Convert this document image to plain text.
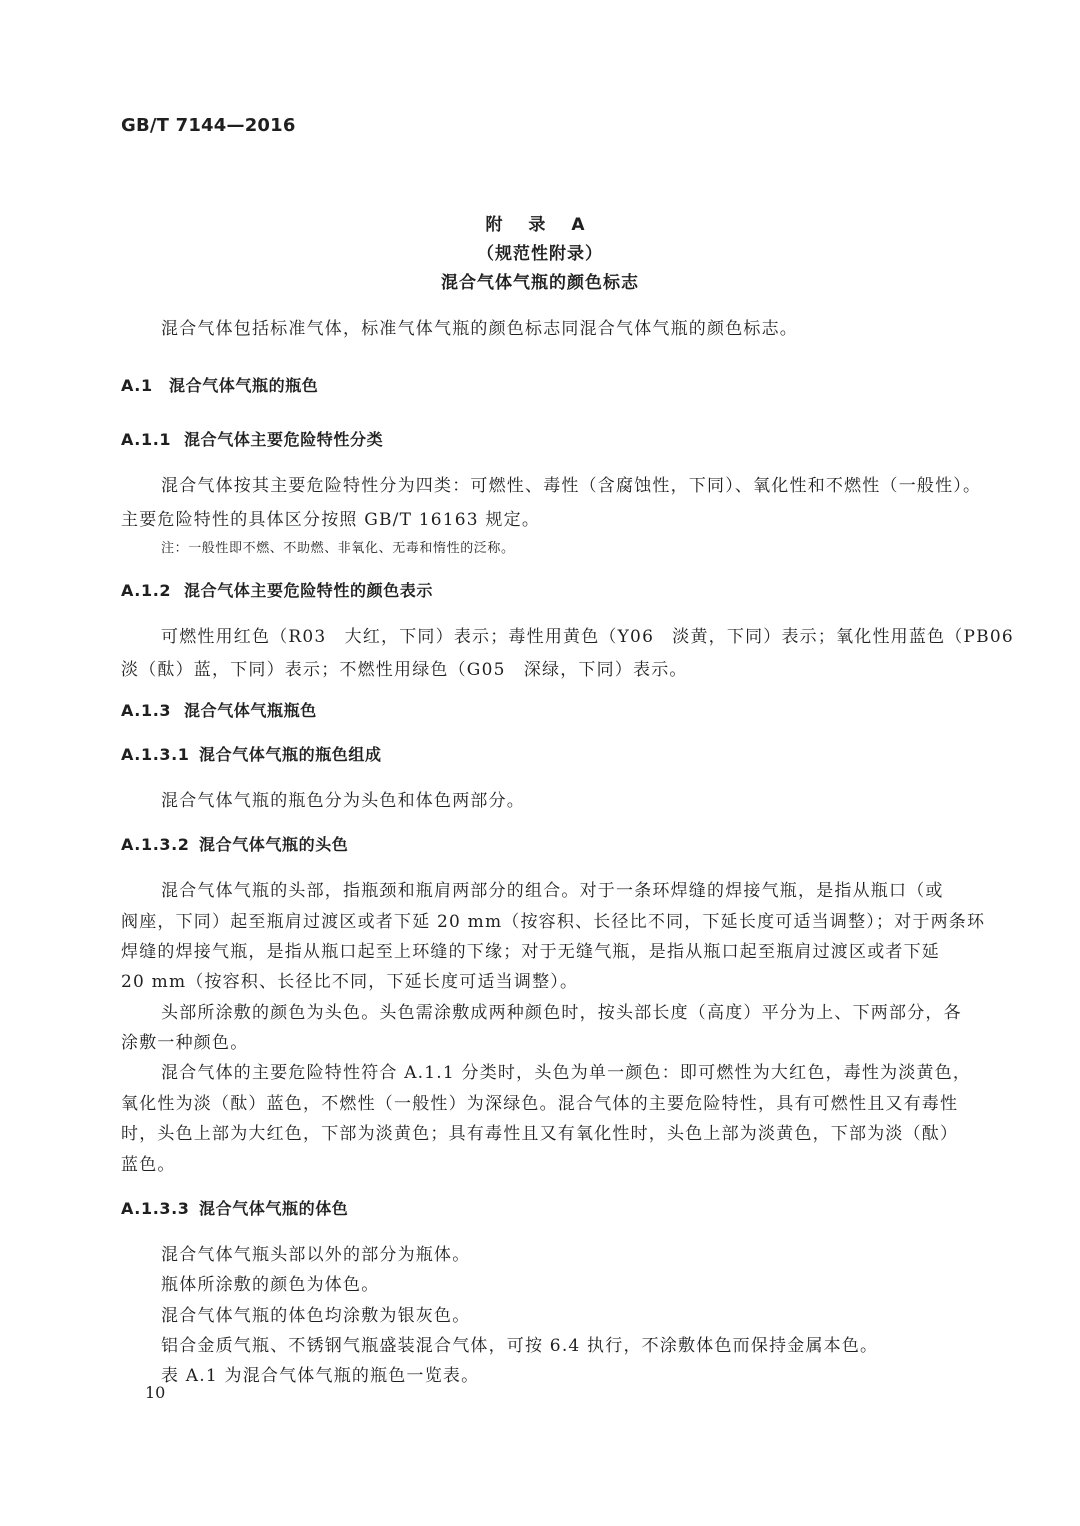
GB/T 7144—2016
附 录 A
（规范性附录）
混合气体气瓶的颜色标志
混合气体包括标准气体，标准气体气瓶的颜色标志同混合气体气瓶的颜色标志。
A.1 混合气体气瓶的瓶色
A.1.1 混合气体主要危险特性分类
混合气体按其主要危险特性分为四类：可燃性、毒性（含腐蚀性，下同）、氧化性和不燃性（一般性）。
主要危险特性的具体区分按照 GB/T 16163 规定。
注：一般性即不燃、不助燃、非氧化、无毒和惰性的泛称。
A.1.2 混合气体主要危险特性的颜色表示
可燃性用红色（R03　大红，下同）表示；毒性用黄色（Y06　淡黄，下同）表示；氧化性用蓝色（PB06
淡（酞）蓝，下同）表示；不燃性用绿色（G05　深绿，下同）表示。
A.1.3 混合气体气瓶瓶色
A.1.3.1 混合气体气瓶的瓶色组成
混合气体气瓶的瓶色分为头色和体色两部分。
A.1.3.2 混合气体气瓶的头色
混合气体气瓶的头部，指瓶颈和瓶肩两部分的组合。对于一条环焊缝的焊接气瓶，是指从瓶口（或
阀座，下同）起至瓶肩过渡区或者下延 20 mm（按容积、长径比不同，下延长度可适当调整）；对于两条环
焊缝的焊接气瓶，是指从瓶口起至上环缝的下缘；对于无缝气瓶，是指从瓶口起至瓶肩过渡区或者下延
20 mm（按容积、长径比不同，下延长度可适当调整）。
头部所涂敷的颜色为头色。头色需涂敷成两种颜色时，按头部长度（高度）平分为上、下两部分，各
涂敷一种颜色。
混合气体的主要危险特性符合 A.1.1 分类时，头色为单一颜色：即可燃性为大红色，毒性为淡黄色，
氧化性为淡（酞）蓝色，不燃性（一般性）为深绿色。混合气体的主要危险特性，具有可燃性且又有毒性
时，头色上部为大红色，下部为淡黄色；具有毒性且又有氧化性时，头色上部为淡黄色，下部为淡（酞）
蓝色。
A.1.3.3 混合气体气瓶的体色
混合气体气瓶头部以外的部分为瓶体。
瓶体所涂敷的颜色为体色。
混合气体气瓶的体色均涂敷为银灰色。
铝合金质气瓶、不锈钢气瓶盛装混合气体，可按 6.4 执行，不涂敷体色而保持金属本色。
表 A.1 为混合气体气瓶的瓶色一览表。
10
